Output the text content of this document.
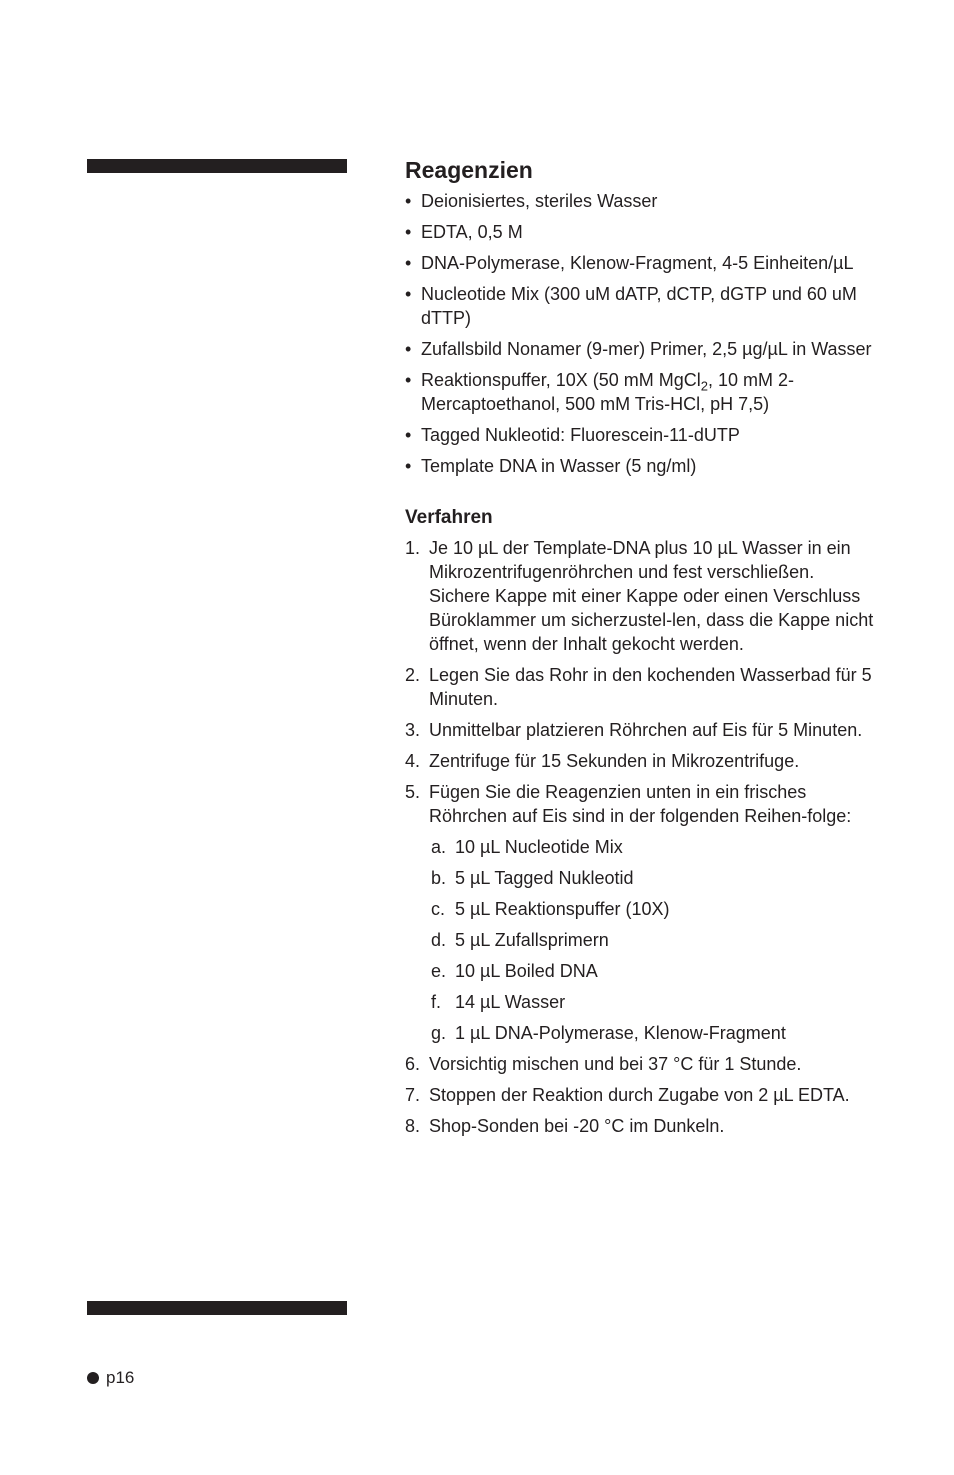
Reagenzien
• Deionisiertes, steriles Wasser
• EDTA, 0,5 M
• DNA-Polymerase, Klenow-Fragment, 4-5 Einheiten/µL
• Nucleotide Mix (300 uM dATP, dCTP, dGTP und 60 uM dTTP)
• Zufallsbild Nonamer (9-mer) Primer, 2,5 µg/µL in Wasser
• Reaktionspuffer, 10X (50 mM MgCl$_2$, 10 mM 2-Mercaptoethanol, 500 mM Tris-HCl, pH 7,5)
• Tagged Nukleotid: Fluorescein-11-dUTP
• Template DNA in Wasser (5 ng/ml)
Verfahren
1. Je 10 µL der Template-DNA plus 10 µL Wasser in ein Mikrozentrifugenröhrchen und fest verschließen. Sichere Kappe mit einer Kappe oder einen Verschluss Büroklammer um sicherzustel-len, dass die Kappe nicht öffnet, wenn der Inhalt gekocht werden.
2. Legen Sie das Rohr in den kochenden Wasserbad für 5 Minuten.
3. Unmittelbar platzieren Röhrchen auf Eis für 5 Minuten.
4. Zentrifuge für 15 Sekunden in Mikrozentrifuge.
5. Fügen Sie die Reagenzien unten in ein frisches Röhrchen auf Eis sind in der folgenden Reihen-folge:
a. 10 µL Nucleotide Mix
b. 5 µL Tagged Nukleotid
c. 5 µL Reaktionspuffer (10X)
d. 5 µL Zufallsprimern
e. 10 µL Boiled DNA
f. 14 µL Wasser
g. 1 µL DNA-Polymerase, Klenow-Fragment
6. Vorsichtig mischen und bei 37 °C für 1 Stunde.
7. Stoppen der Reaktion durch Zugabe von 2 µL EDTA.
8. Shop-Sonden bei -20 °C im Dunkeln.
p16
